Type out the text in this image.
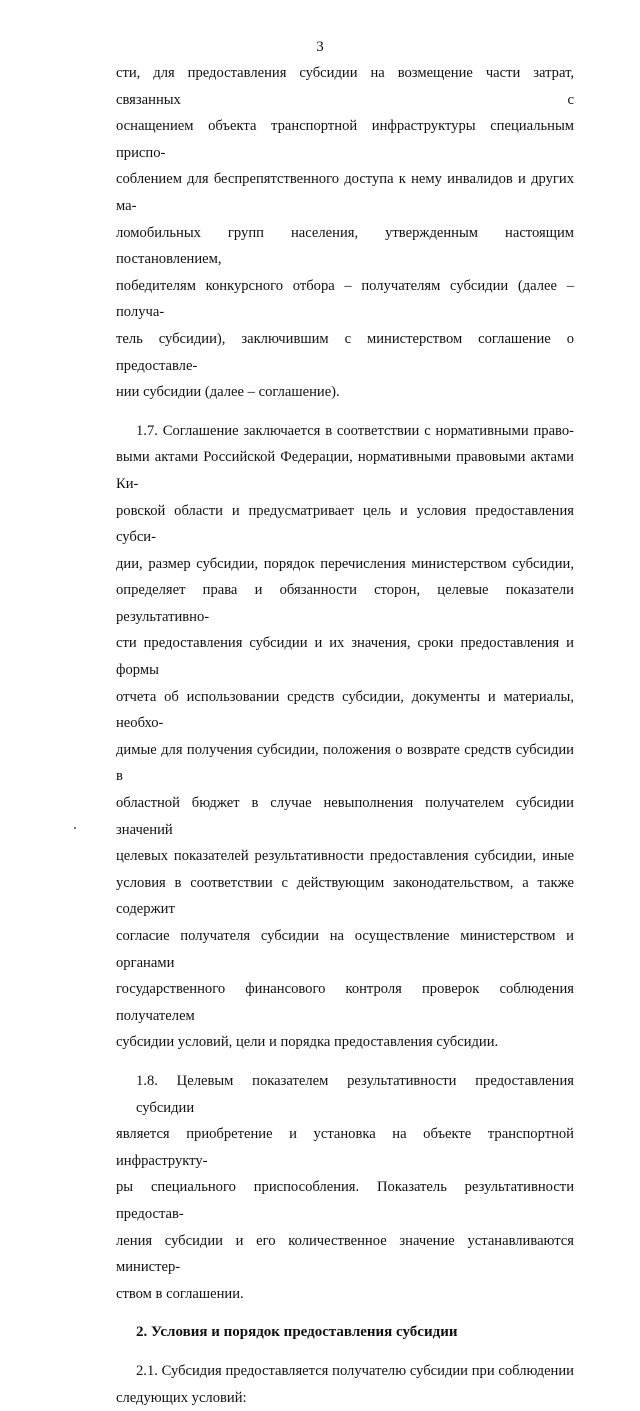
3

сти, для предоставления субсидии на возмещение части затрат, связанных с

оснащением объекта транспортной инфраструктуры специальным приспо-

соблением для беспрепятственного доступа к нему инвалидов и других ма-

ломобильных групп населения, утвержденным настоящим постановлением,

победителям конкурсного отбора – получателям субсидии (далее – получа-

тель субсидии), заключившим с министерством соглашение о предоставле-

нии субсидии (далее – соглашение).

1.7. Соглашение заключается в соответствии с нормативными право-

выми актами Российской Федерации, нормативными правовыми актами Ки-

ровской области и предусматривает цель и условия предоставления субси-

дии, размер субсидии, порядок перечисления министерством субсидии,

определяет права и обязанности сторон, целевые показатели результативно-

сти предоставления субсидии и их значения, сроки предоставления и формы

отчета об использовании средств субсидии, документы и материалы, необхо-

димые для получения субсидии, положения о возврате средств субсидии в

областной бюджет в случае невыполнения получателем субсидии значений

целевых показателей результативности предоставления субсидии, иные

условия в соответствии с действующим законодательством, а также содержит

согласие получателя субсидии на осуществление министерством и органами

государственного финансового контроля проверок соблюдения получателем

субсидии условий, цели и порядка предоставления субсидии.

1.8. Целевым показателем результативности предоставления субсидии

является приобретение и установка на объекте транспортной инфраструкту-

ры специального приспособления. Показатель результативности предостав-

ления субсидии и его количественное значение устанавливаются министер-

ством в соглашении.

2. Условия и порядок предоставления субсидии

2.1. Субсидия предоставляется получателю субсидии при соблюдении

следующих условий:
